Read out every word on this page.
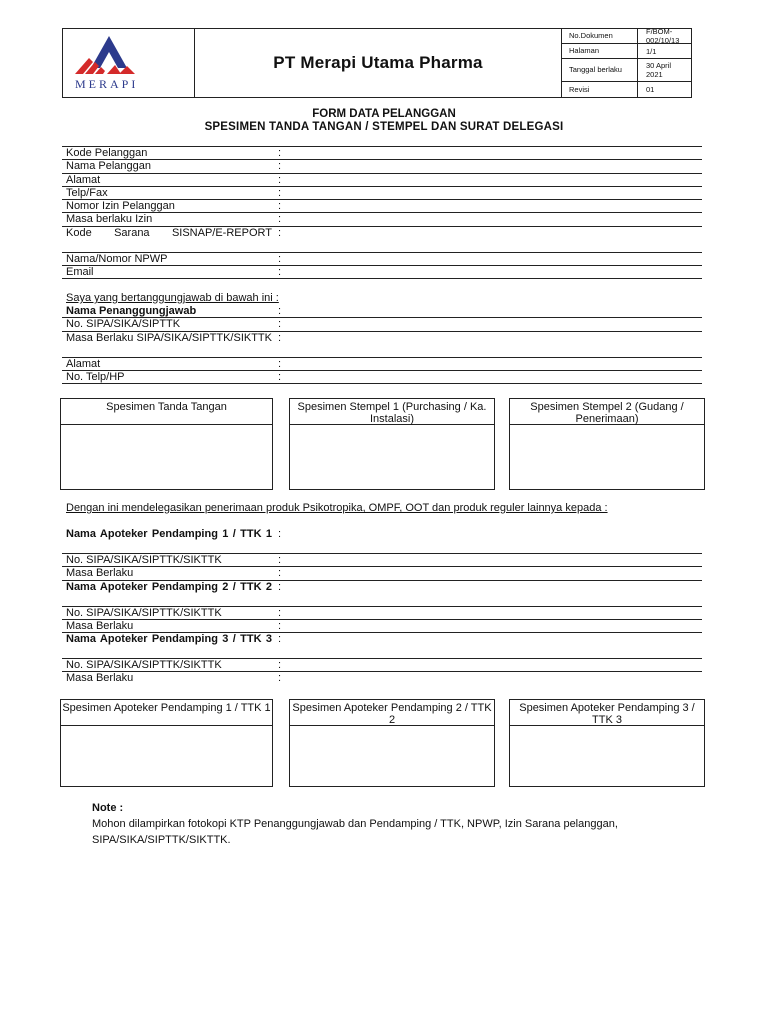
MERAPI
PT Merapi Utama Pharma
No.Dokumen	F/BOM-002/10/13
Halaman	1/1
Tanggal berlaku	30 April 2021
Revisi	01
FORM DATA PELANGGAN
SPESIMEN TANDA TANGAN / STEMPEL DAN SURAT DELEGASI
Kode Pelanggan	:
Nama Pelanggan	:
Alamat	:
Telp/Fax	:
Nomor Izin Pelanggan	:
Masa berlaku Izin	:
Kode Sarana SISNAP/E-REPORT :
Nama/Nomor NPWP	:
Email	:
Saya yang bertanggungjawab di bawah ini :
Nama Penanggungjawab	:
No. SIPA/SIKA/SIPTTK	:
Masa Berlaku SIPA/SIKA/SIPTTK/SIKTTK :
Alamat	:
No. Telp/HP	:
Spesimen Tanda Tangan	Spesimen Stempel 1 (Purchasing / Ka. Instalasi)
Spesimen Stempel 2 (Gudang / Penerimaan)
Dengan ini mendelegasikan penerimaan produk Psikotropika, OMPF, OOT dan produk reguler lainnya kepada :
Nama Apoteker Pendamping 1 / TTK 1 :
No. SIPA/SIKA/SIPTTK/SIKTTK	:
Masa Berlaku	:
Nama Apoteker Pendamping 2 / TTK 2 :
No. SIPA/SIKA/SIPTTK/SIKTTK	:
Masa Berlaku	:
Nama Apoteker Pendamping 3 / TTK 3 :
No. SIPA/SIKA/SIPTTK/SIKTTK	:
Masa Berlaku	:
Spesimen Apoteker Pendamping 1 / TTK 1 Spesimen Apoteker Pendamping 2 / TTK 2
Spesimen Apoteker Pendamping 3 / TTK 3
Note :
Mohon dilampirkan fotokopi KTP Penanggungjawab dan Pendamping / TTK, NPWP, Izin Sarana pelanggan, SIPA/SIKA/SIPTTK/SIKTTK.
